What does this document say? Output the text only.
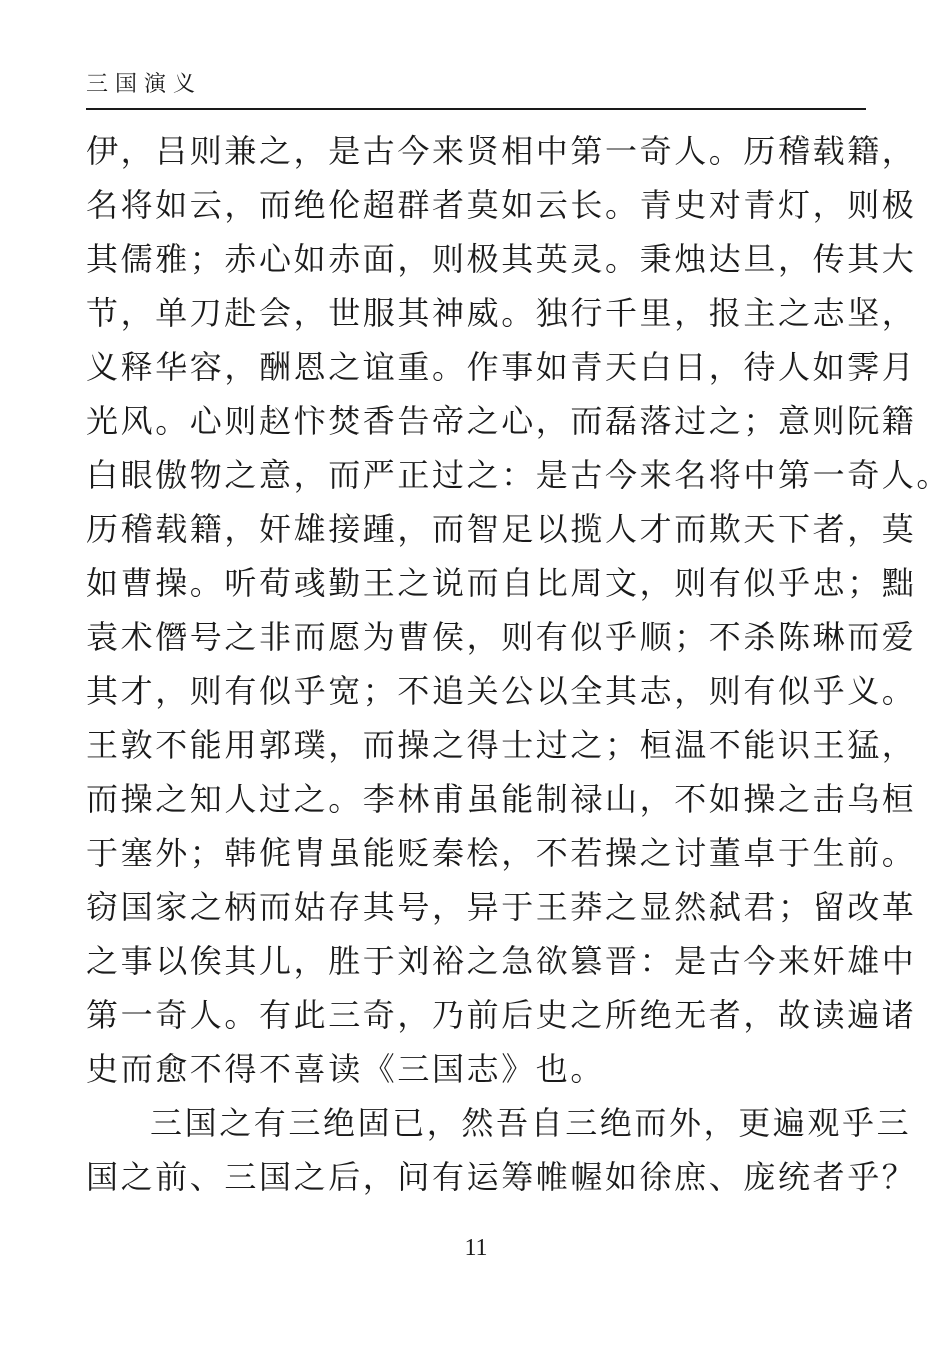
三国演义
伊，吕则兼之，是古今来贤相中第一奇人。历稽载籍，
名将如云，而绝伦超群者莫如云长。青史对青灯，则极
其儒雅；赤心如赤面，则极其英灵。秉烛达旦，传其大
节，单刀赴会，世服其神威。独行千里，报主之志坚，
义释华容，酬恩之谊重。作事如青天白日，待人如霁月
光风。心则赵忭焚香告帝之心，而磊落过之；意则阮籍
白眼傲物之意，而严正过之：是古今来名将中第一奇人。
历稽载籍，奸雄接踵，而智足以揽人才而欺天下者，莫
如曹操。听荀彧勤王之说而自比周文，则有似乎忠；黜
袁术僭号之非而愿为曹侯，则有似乎顺；不杀陈琳而爱
其才，则有似乎宽；不追关公以全其志，则有似乎义。
王敦不能用郭璞，而操之得士过之；桓温不能识王猛，
而操之知人过之。李林甫虽能制禄山，不如操之击乌桓
于塞外；韩侂胄虽能贬秦桧，不若操之讨董卓于生前。
窃国家之柄而姑存其号，异于王莽之显然弑君；留改革
之事以俟其儿，胜于刘裕之急欲篡晋：是古今来奸雄中
第一奇人。有此三奇，乃前后史之所绝无者，故读遍诸
史而愈不得不喜读《三国志》也。
三国之有三绝固已，然吾自三绝而外，更遍观乎三
国之前、三国之后，问有运筹帷幄如徐庶、庞统者乎？
11
